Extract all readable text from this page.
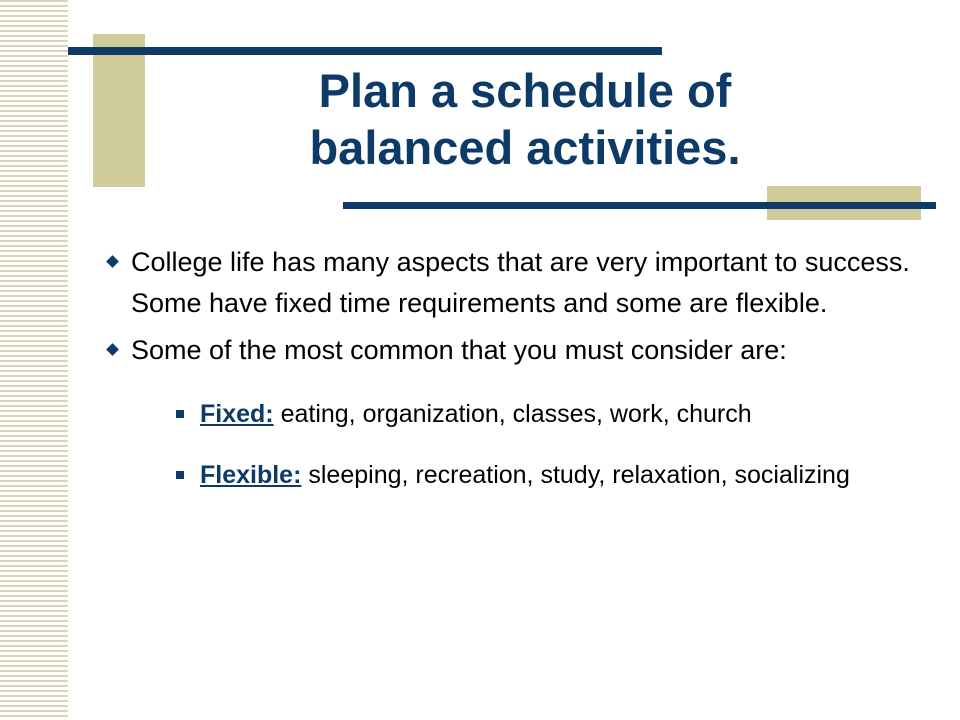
Plan a schedule of
balanced activities.

College life has many aspects that are very important to success. Some have fixed time requirements and some are flexible.

Some of the most common that you must consider are:

Fixed: eating, organization, classes, work, church

Flexible: sleeping, recreation, study, relaxation, socializing
